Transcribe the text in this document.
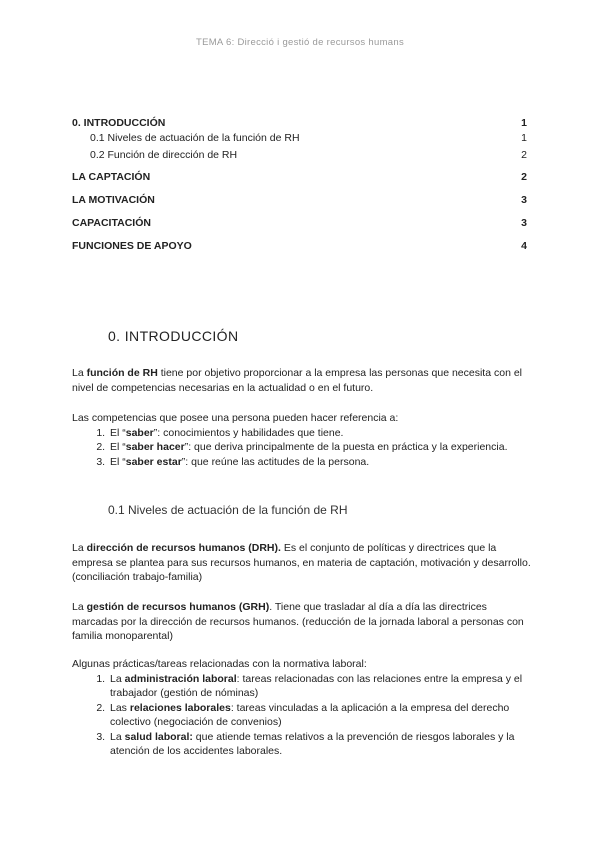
TEMA 6: Direcció i gestió de recursos humans
0. INTRODUCCIÓN	1
0.1 Niveles de actuación de la función de RH	1
0.2 Función de dirección de RH	2
LA CAPTACIÓN	2
LA MOTIVACIÓN	3
CAPACITACIÓN	3
FUNCIONES DE APOYO	4
0. INTRODUCCIÓN

La función de RH tiene por objetivo proporcionar a la empresa las personas que necesita con el nivel de competencias necesarias en la actualidad o en el futuro.

Las competencias que posee una persona pueden hacer referencia a:

1. El “saber”: conocimientos y habilidades que tiene.
2. El “saber hacer”: que deriva principalmente de la puesta en práctica y la experiencia.
3. El “saber estar”: que reúne las actitudes de la persona.
0.1 Niveles de actuación de la función de RH

La dirección de recursos humanos (DRH). Es el conjunto de políticas y directrices que la empresa se plantea para sus recursos humanos, en materia de captación, motivación y desarrollo. (conciliación trabajo-familia)

La gestión de recursos humanos (GRH). Tiene que trasladar al día a día las directrices marcadas por la dirección de recursos humanos. (reducción de la jornada laboral a personas con familia monoparental)

Algunas prácticas/tareas relacionadas con la normativa laboral:

1. La administración laboral: tareas relacionadas con las relaciones entre la empresa y el trabajador (gestión de nóminas)
2. Las relaciones laborales: tareas vinculadas a la aplicación a la empresa del derecho colectivo (negociación de convenios)
3. La salud laboral: que atiende temas relativos a la prevención de riesgos laborales y la atención de los accidentes laborales.
